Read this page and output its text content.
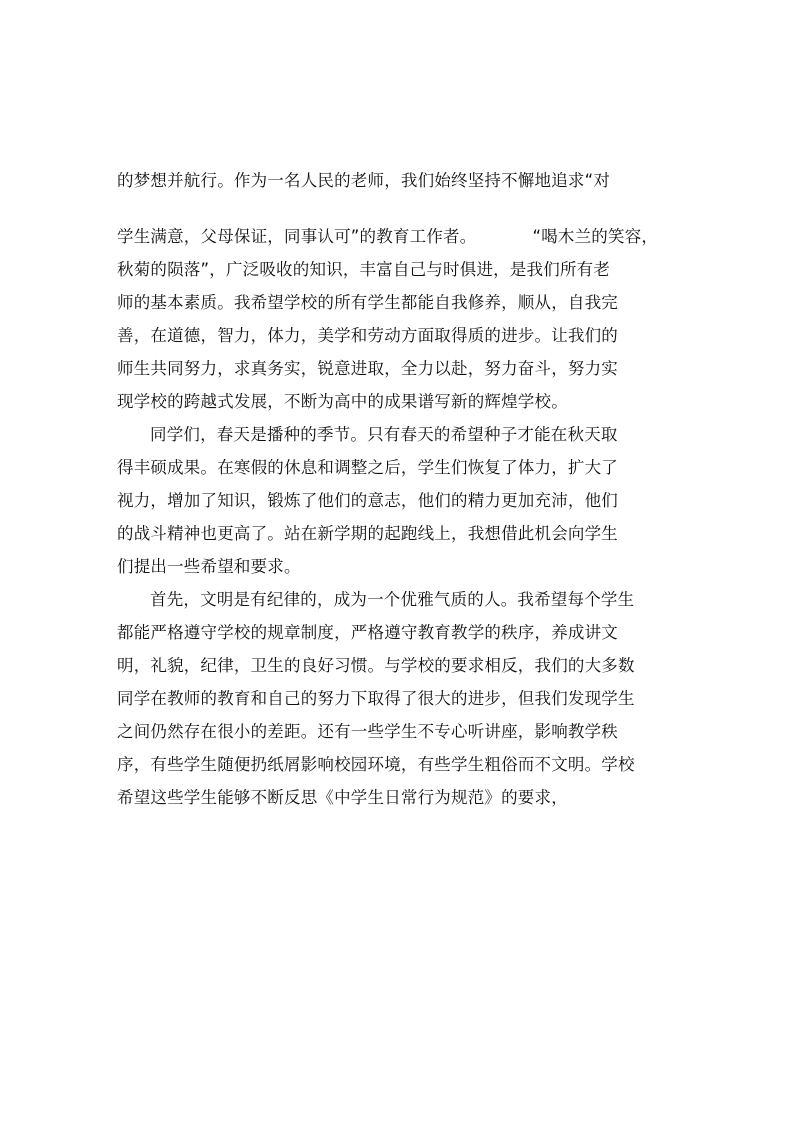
的梦想并航行。作为一名人民的老师，我们始终坚持不懈地追求“对
学生满意，父母保证，同事认可”的教育工作者。	“喝木兰的笑容，
秋菊的陨落”，广泛吸收的知识，丰富自己与时俱进，是我们所有老
师的基本素质。我希望学校的所有学生都能自我修养，顺从，自我完
善，在道德，智力，体力，美学和劳动方面取得质的进步。让我们的
师生共同努力，求真务实，锐意进取，全力以赴，努力奋斗，努力实
现学校的跨越式发展，不断为高中的成果谱写新的辉煌学校。
同学们，春天是播种的季节。只有春天的希望种子才能在秋天取
得丰硕成果。在寒假的休息和调整之后，学生们恢复了体力，扩大了
视力，增加了知识，锻炼了他们的意志，他们的精力更加充沛，他们
的战斗精神也更高了。站在新学期的起跑线上，我想借此机会向学生
们提出一些希望和要求。
首先，文明是有纪律的，成为一个优雅气质的人。我希望每个学生
都能严格遵守学校的规章制度，严格遵守教育教学的秩序，养成讲文
明，礼貌，纪律，卫生的良好习惯。与学校的要求相反，我们的大多数
同学在教师的教育和自己的努力下取得了很大的进步，但我们发现学生
之间仍然存在很小的差距。还有一些学生不专心听讲座，影响教学秩
序，有些学生随便扔纸屑影响校园环境，有些学生粗俗而不文明。学校
希望这些学生能够不断反思《中学生日常行为规范》的要求，
